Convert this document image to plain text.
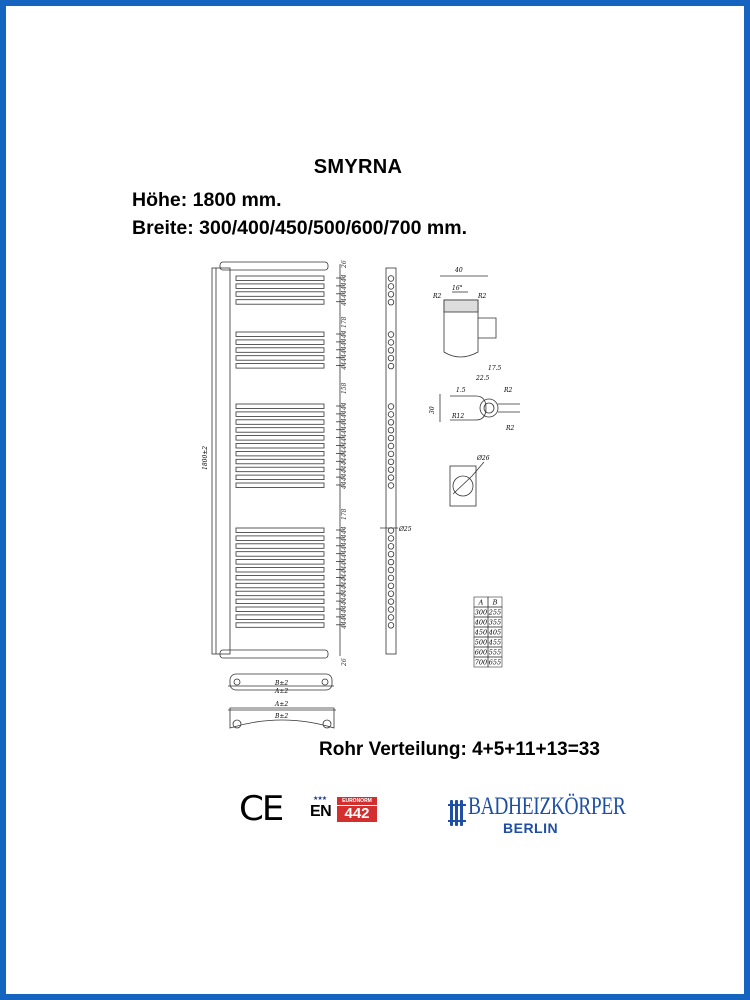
SMYRNA
Höhe: 1800 mm.
Breite: 300/400/450/500/600/700 mm.
44
44
44
44
44
44
44
44
44
44
44
44
44
44
44
44
44
44
44
44
44
44
44
44
44
44
44
44
44
44
44
44
44
26
178
158
178
26
1800±2
Ø25
40
16°
R2	R2
17.5
22.5
1.5
30
R12
R2
R2
Ø26
A B
300 255
400 355
450 405
500 455
600 555
700 655
B±2
A±2
A±2
B±2
Rohr Verteilung: 4+5+11+13=33
CE	★★★
EN
EURONORM
442	BADHEIZKÖRPER
BERLIN
